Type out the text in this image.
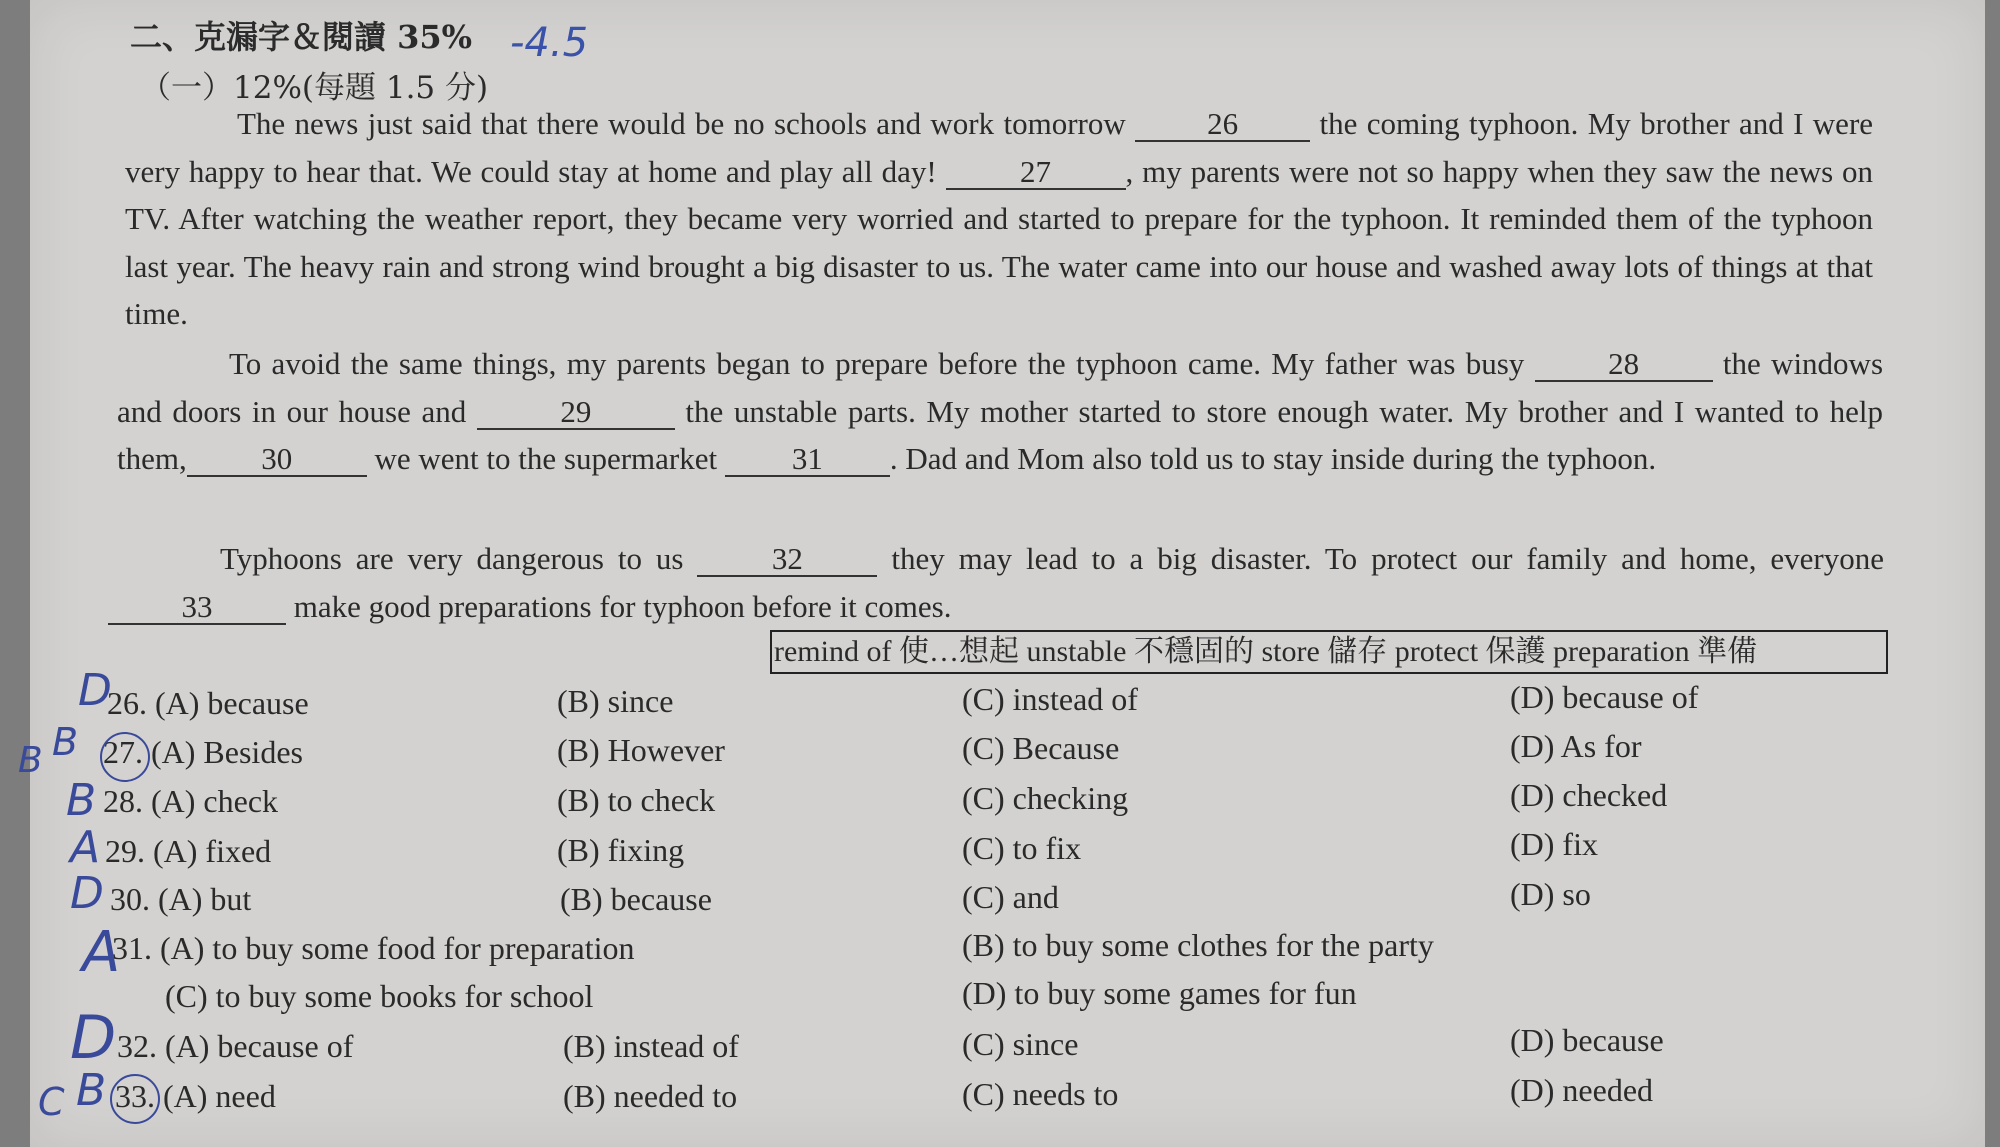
二、克漏字＆閱讀 35% -4.5
（一）12%(每題 1.5 分)
The news just said that there would be no schools and work tomorrow	26	the coming typhoon. My brother and I were very happy to hear that. We could stay at home and play all day!	27 , my parents were not so happy when they saw the news on TV. After watching the weather report, they became very worried and started to prepare for the typhoon. It reminded them of the typhoon last year. The heavy rain and strong wind brought a big disaster to us. The water came into our house and washed away lots of things at that time.
To avoid the same things, my parents began to prepare before the typhoon came. My father was busy	28	the windows and doors in our house and	29	the unstable parts. My mother started to store enough water. My brother and I wanted to help them, 30	we went to the supermarket 31 . Dad and Mom also told us to stay inside during the typhoon.
Typhoons are very dangerous to us	32	they may lead to a big disaster. To protect our family and home, everyone 33	make good preparations for typhoon before it comes.
remind of 使…想起 unstable 不穩固的 store 儲存 protect 保護 preparation 準備
26. (A) because	(B) since	(C) instead of	(D) because of
27. (A) Besides	(B) However	(C) Because	(D) As for
28. (A) check	(B) to check	(C) checking	(D) checked
29. (A) fixed	(B) fixing	(C) to fix	(D) fix
30. (A) but	(B) because	(C) and	(D) so
31. (A) to buy some food for preparation	(B) to buy some clothes for the party
(C) to buy some books for school	(D) to buy some games for fun
32. (A) because of	(B) instead of	(C) since	(D) because
33. (A) need	(B) needed to	(C) needs to	(D) needed
D
B B
B
A
D
A
D
C B
